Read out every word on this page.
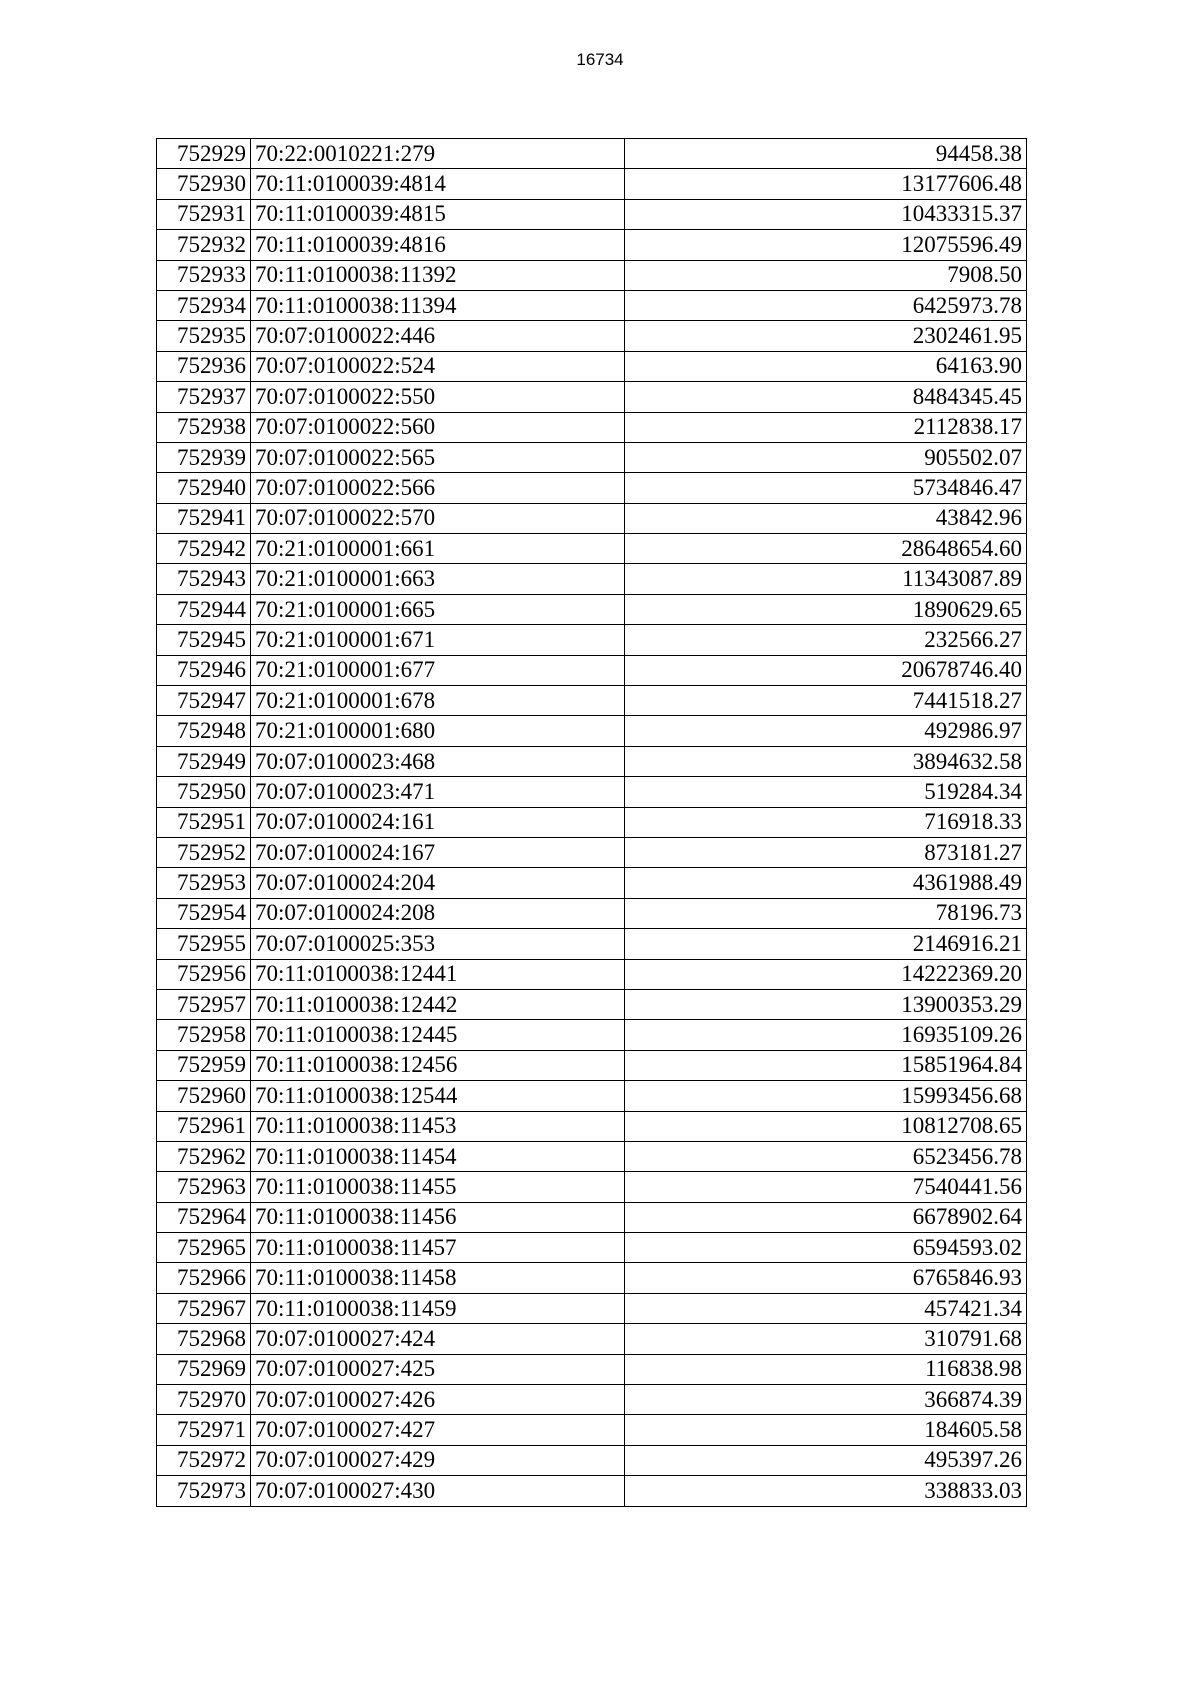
16734
752929	70:22:0010221:279	94458.38
752930	70:11:0100039:4814	13177606.48
752931	70:11:0100039:4815	10433315.37
752932	70:11:0100039:4816	12075596.49
752933	70:11:0100038:11392	7908.50
752934	70:11:0100038:11394	6425973.78
752935	70:07:0100022:446	2302461.95
752936	70:07:0100022:524	64163.90
752937	70:07:0100022:550	8484345.45
752938	70:07:0100022:560	2112838.17
752939	70:07:0100022:565	905502.07
752940	70:07:0100022:566	5734846.47
752941	70:07:0100022:570	43842.96
752942	70:21:0100001:661	28648654.60
752943	70:21:0100001:663	11343087.89
752944	70:21:0100001:665	1890629.65
752945	70:21:0100001:671	232566.27
752946	70:21:0100001:677	20678746.40
752947	70:21:0100001:678	7441518.27
752948	70:21:0100001:680	492986.97
752949	70:07:0100023:468	3894632.58
752950	70:07:0100023:471	519284.34
752951	70:07:0100024:161	716918.33
752952	70:07:0100024:167	873181.27
752953	70:07:0100024:204	4361988.49
752954	70:07:0100024:208	78196.73
752955	70:07:0100025:353	2146916.21
752956	70:11:0100038:12441	14222369.20
752957	70:11:0100038:12442	13900353.29
752958	70:11:0100038:12445	16935109.26
752959	70:11:0100038:12456	15851964.84
752960	70:11:0100038:12544	15993456.68
752961	70:11:0100038:11453	10812708.65
752962	70:11:0100038:11454	6523456.78
752963	70:11:0100038:11455	7540441.56
752964	70:11:0100038:11456	6678902.64
752965	70:11:0100038:11457	6594593.02
752966	70:11:0100038:11458	6765846.93
752967	70:11:0100038:11459	457421.34
752968	70:07:0100027:424	310791.68
752969	70:07:0100027:425	116838.98
752970	70:07:0100027:426	366874.39
752971	70:07:0100027:427	184605.58
752972	70:07:0100027:429	495397.26
752973	70:07:0100027:430	338833.03
